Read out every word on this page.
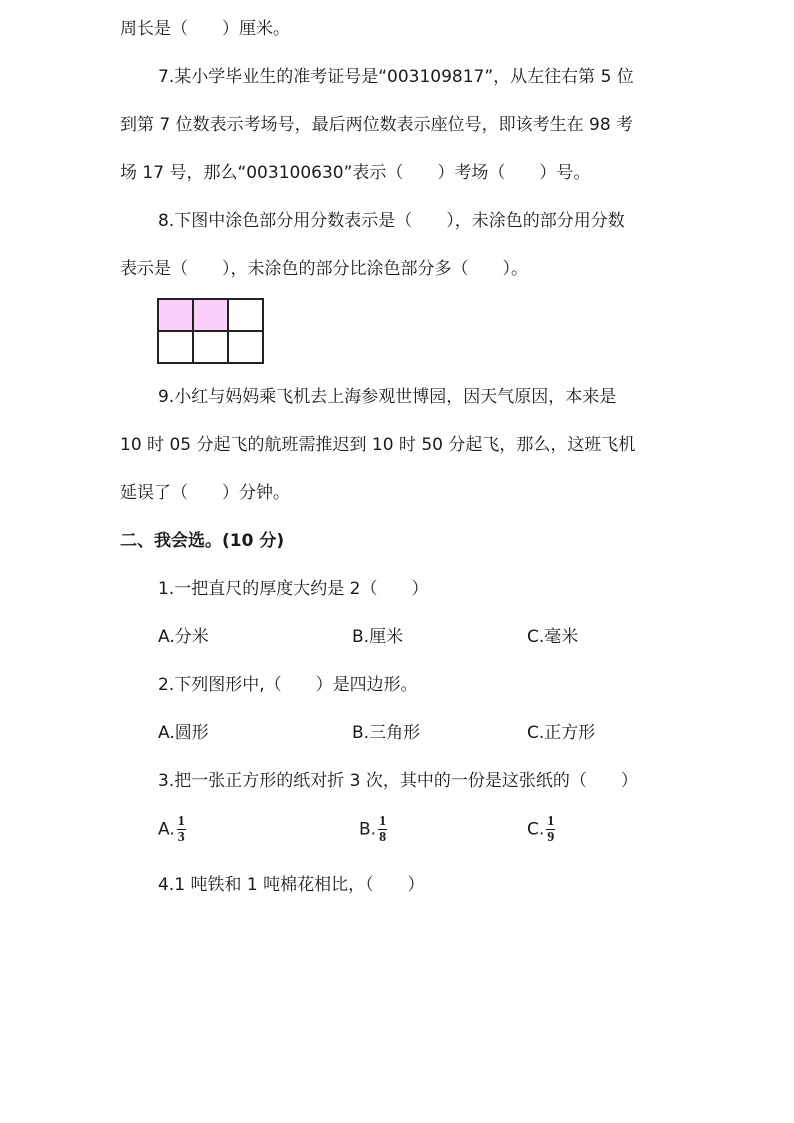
周长是（　　）厘米。
7.某小学毕业生的准考证号是“003109817”，从左往右第 5 位
到第 7 位数表示考场号，最后两位数表示座位号，即该考生在 98 考
场 17 号，那么“003100630”表示（　　）考场（　　）号。
8.下图中涂色部分用分数表示是（　　），未涂色的部分用分数
表示是（　　），未涂色的部分比涂色部分多（　　）。
9.小红与妈妈乘飞机去上海参观世博园，因天气原因，本来是
10 时 05 分起飞的航班需推迟到 10 时 50 分起飞，那么，这班飞机
延误了（　　）分钟。
二、我会选。(10 分)
1.一把直尺的厚度大约是 2（　　）
A.分米	B.厘米	C.毫米
2.下列图形中,（　　）是四边形。
A.圆形	B.三角形	C.正方形
3.把一张正方形的纸对折 3 次，其中的一份是这张纸的（　　）
A. $\frac{1}{3}$	B. $\frac{1}{8}$	C. $\frac{1}{9}$
4.1 吨铁和 1 吨棉花相比，（　　）
